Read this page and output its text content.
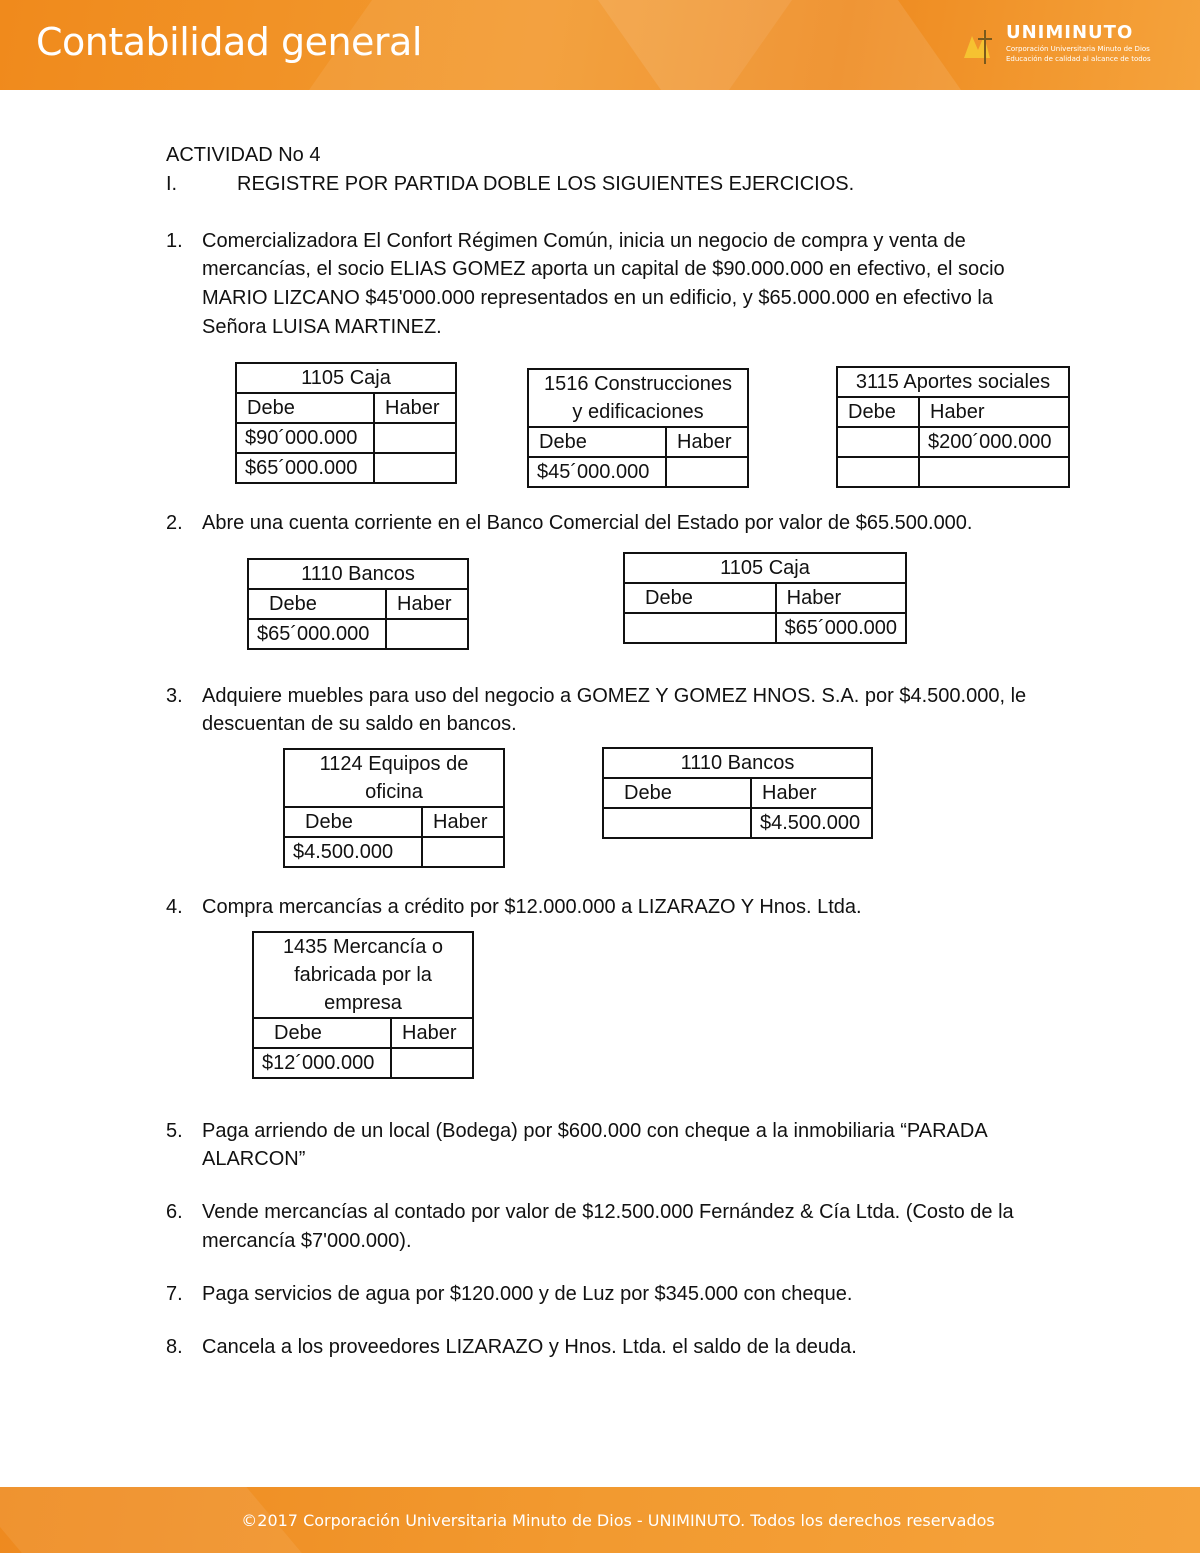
Contabilidad general	UNIMINUTO
Corporación Universitaria Minuto de Dios
Educación de calidad al alcance de todos
ACTIVIDAD No 4
I.	REGISTRE POR PARTIDA DOBLE LOS SIGUIENTES EJERCICIOS.
1. Comercializadora El Confort Régimen Común, inicia un negocio de compra y venta de
mercancías, el socio ELIAS GOMEZ aporta un capital de $90.000.000 en efectivo, el socio
MARIO LIZCANO $45'000.000 representados en un edificio, y $65.000.000 en efectivo la
Señora LUISA MARTINEZ.
1105 Caja	
Debe	Haber
$90´000.000	
$65´000.000	
1516 Construcciones y edificaciones	
Debe	Haber
$45´000.000	
3115 Aportes sociales	
Debe	Haber
	$200´000.000

2. Abre una cuenta corriente en el Banco Comercial del Estado por valor de $65.500.000.
1110 Bancos	
Debe	Haber
$65´000.000	
1105 Caja	
Debe	Haber
	$65´000.000
3. Adquiere muebles para uso del negocio a GOMEZ Y GOMEZ HNOS. S.A. por $4.500.000, le
descuentan de su saldo en bancos.
1124 Equipos de oficina	
Debe	Haber
$4.500.000	
1110 Bancos	
Debe	Haber
	$4.500.000
4. Compra mercancías a crédito por $12.000.000 a LIZARAZO Y Hnos. Ltda.
1435 Mercancía o fabricada por la empresa	
Debe	Haber
$12´000.000	
5. Paga arriendo de un local (Bodega) por $600.000 con cheque a la inmobiliaria “PARADA
ALARCON”
6. Vende mercancías al contado por valor de $12.500.000 Fernández & Cía Ltda. (Costo de la
mercancía $7'000.000).
7. Paga servicios de agua por $120.000 y de Luz por $345.000 con cheque.
8. Cancela a los proveedores LIZARAZO y Hnos. Ltda. el saldo de la deuda.
©2017 Corporación Universitaria Minuto de Dios - UNIMINUTO. Todos los derechos reservados
